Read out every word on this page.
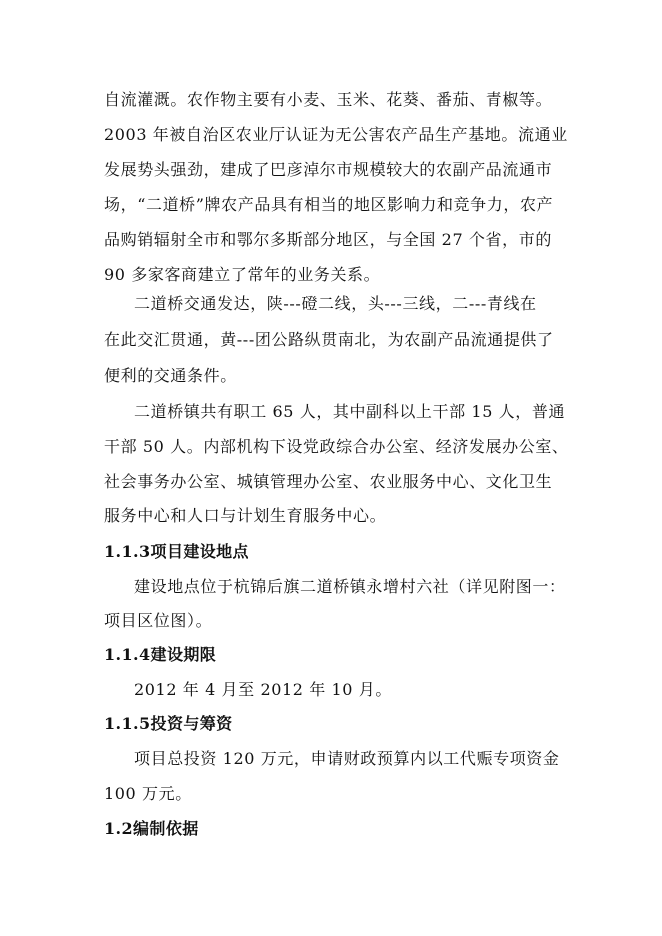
自流灌溉。农作物主要有小麦、玉米、花葵、番茄、青椒等。
2003 年被自治区农业厅认证为无公害农产品生产基地。流通业
发展势头强劲，建成了巴彦淖尔市规模较大的农副产品流通市
场，“二道桥”牌农产品具有相当的地区影响力和竞争力，农产
品购销辐射全市和鄂尔多斯部分地区，与全国 27 个省，市的
90 多家客商建立了常年的业务关系。
二道桥交通发达，陕---磴二线，头---三线，二---青线在
在此交汇贯通，黄---团公路纵贯南北，为农副产品流通提供了
便利的交通条件。
二道桥镇共有职工 65 人，其中副科以上干部 15 人，普通
干部 50 人。内部机构下设党政综合办公室、经济发展办公室、
社会事务办公室、城镇管理办公室、农业服务中心、文化卫生
服务中心和人口与计划生育服务中心。
1.1.3项目建设地点
建设地点位于杭锦后旗二道桥镇永增村六社（详见附图一：
项目区位图）。
1.1.4建设期限
2012 年 4 月至 2012 年 10 月。
1.1.5投资与筹资
项目总投资 120 万元，申请财政预算内以工代赈专项资金
100 万元。
1.2编制依据
